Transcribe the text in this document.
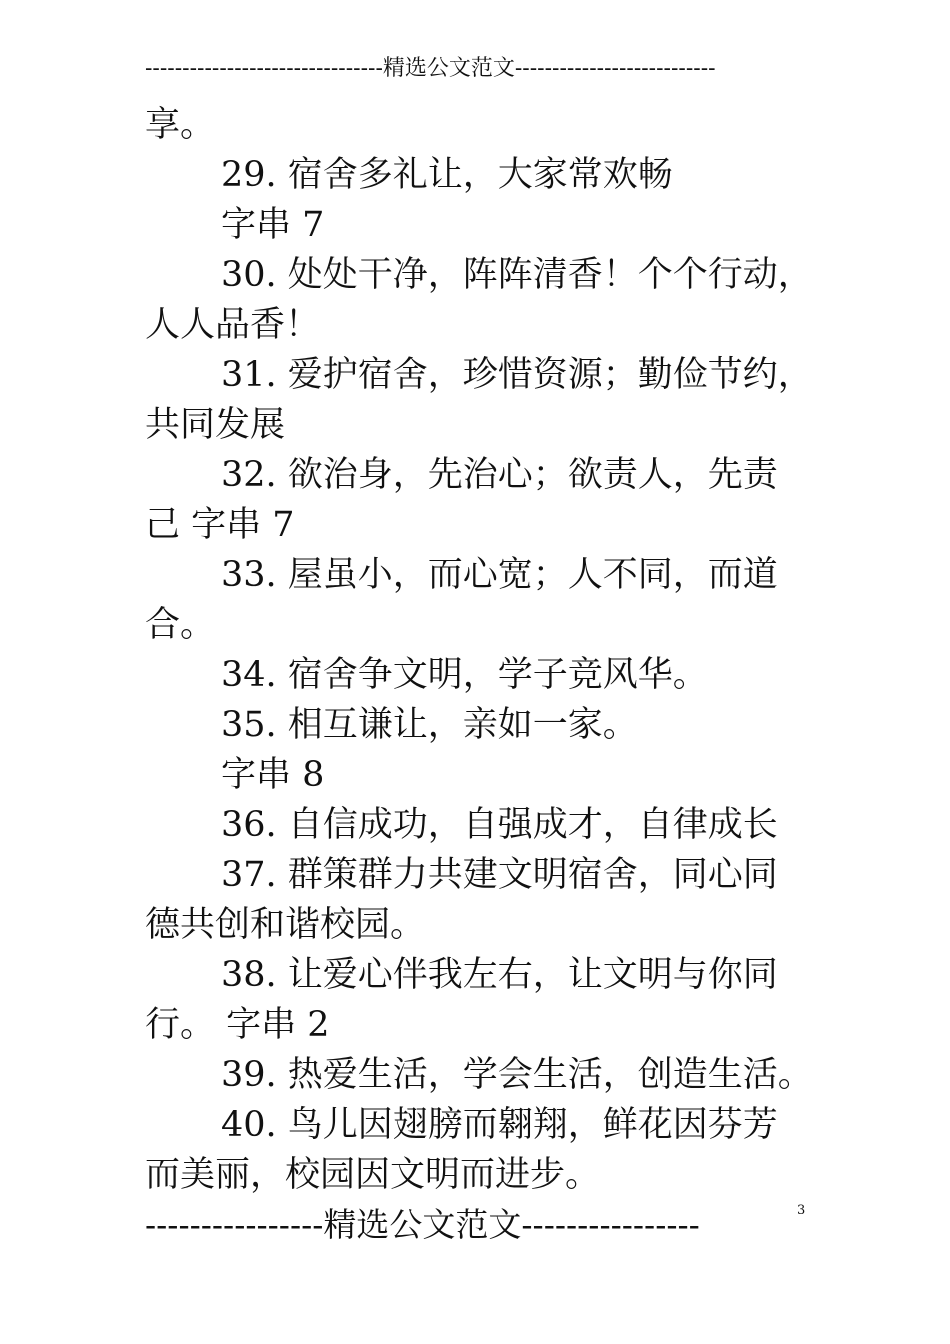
--------------------------------精选公文范文---------------------------
享。
29. 宿舍多礼让，大家常欢畅
字串 7
30. 处处干净，阵阵清香！个个行动，
人人品香！
31. 爱护宿舍，珍惜资源；勤俭节约，
共同发展
32. 欲治身，先治心；欲责人，先责
己 字串 7
33. 屋虽小，而心宽；人不同，而道
合。
34. 宿舍争文明，学子竞风华。
35. 相互谦让，亲如一家。
字串 8
36. 自信成功，自强成才，自律成长
37. 群策群力共建文明宿舍，同心同
德共创和谐校园。
38. 让爱心伴我左右，让文明与你同
行。 字串 2
39. 热爱生活，学会生活，创造生活。
40. 鸟儿因翅膀而翱翔，鲜花因芬芳
而美丽，校园因文明而进步。
----------------精选公文范文----------------	3
